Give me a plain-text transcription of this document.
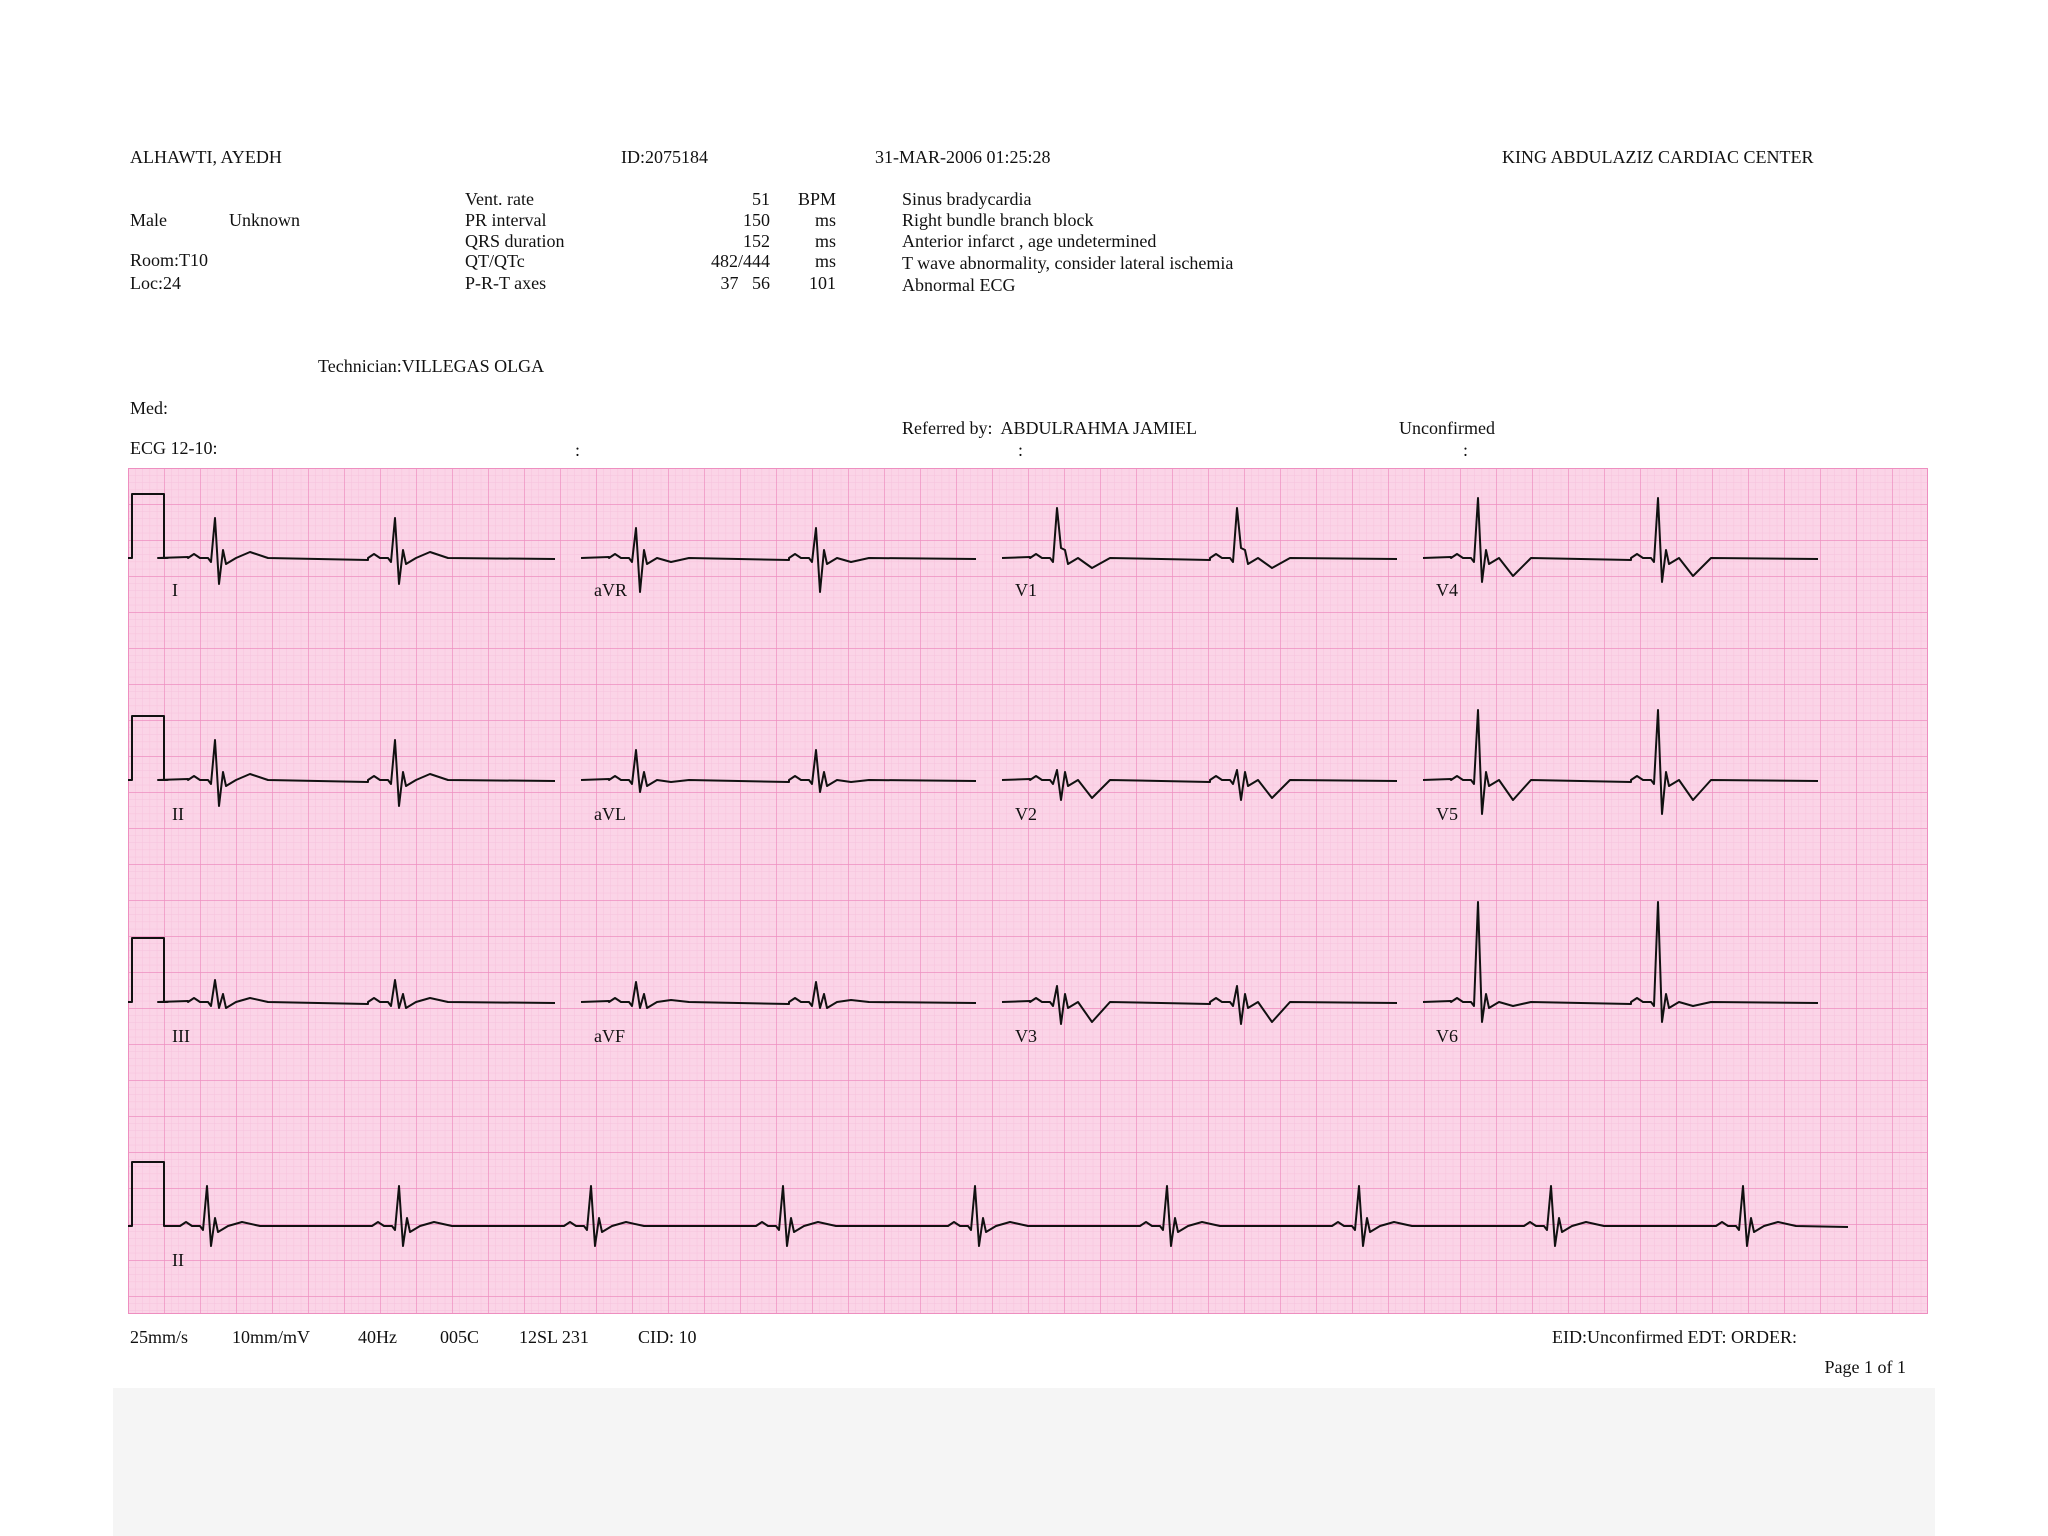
ALHAWTI, AYEDH	ID:2075184	31-MAR-2006 01:25:28	KING ABDULAZIZ CARDIAC CENTER
Male	Unknown
Room:T10
Loc:24
Vent. rate	51	BPM
PR interval	150	ms
QRS duration	152	ms
QT/QTc	482/444	ms
P-R-T axes	37   56	101
Sinus bradycardia
Right bundle branch block
Anterior infarct , age undetermined
T wave abnormality, consider lateral ischemia
Abnormal ECG
Technician:VILLEGAS OLGA
Med:
Referred by:  ABDULRAHMA JAMIEL	Unconfirmed
ECG 12-10:	:	:	:
I	aVR	V1	V4
II	aVL	V2	V5
III	aVF	V3	V6
II
25mm/s 10mm/mV	40Hz 005C 12SL 231	CID: 10	EID:Unconfirmed EDT: ORDER:
Page 1 of 1
